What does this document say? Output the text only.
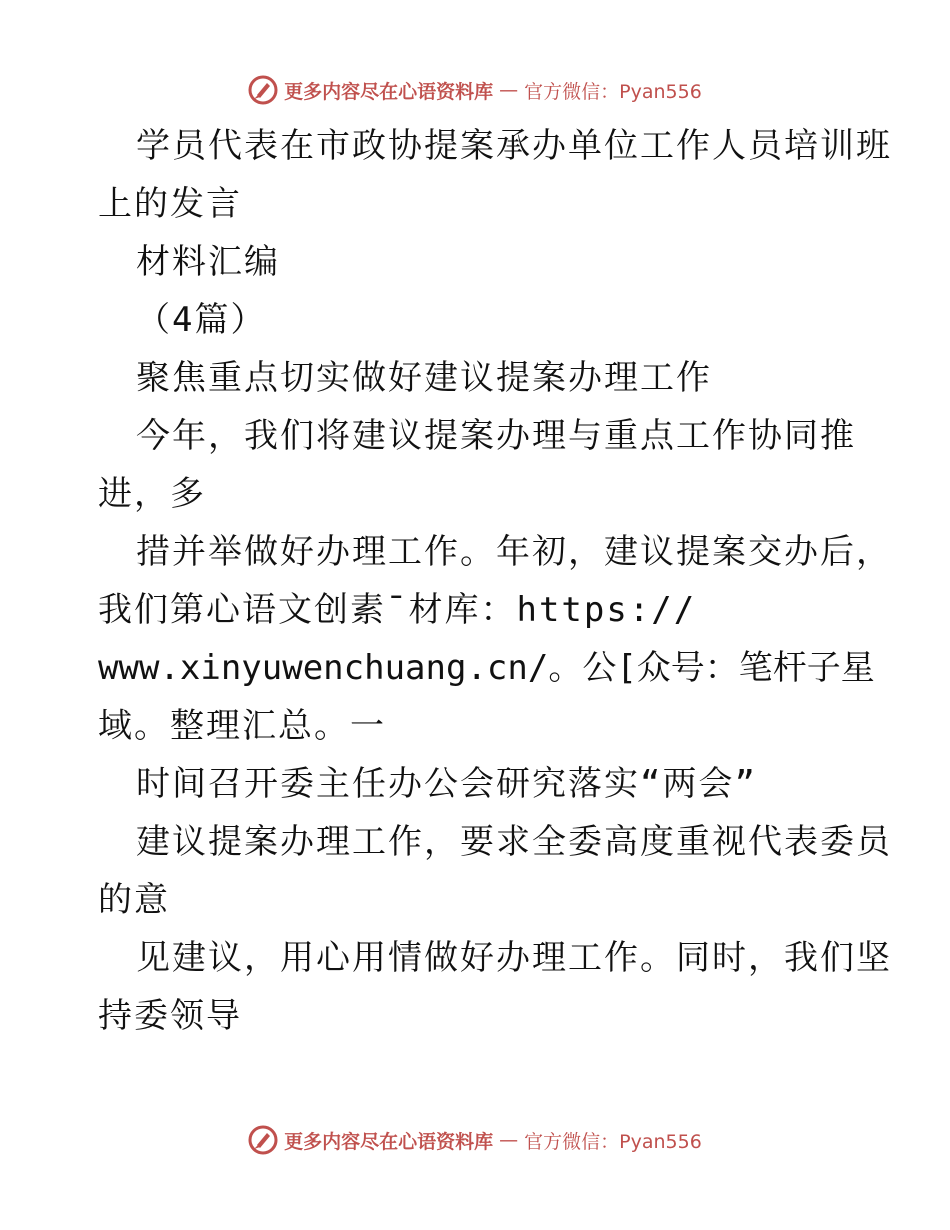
更多内容尽在心语资料库 — 官方微信：Pyan556
学员代表在市政协提案承办单位工作人员培训班
上的发言
材料汇编
（4篇）
聚焦重点切实做好建议提案办理工作
今年，我们将建议提案办理与重点工作协同推
进，多
措并举做好办理工作。年初，建议提案交办后，
我们第心语文创素¯材库：https://
www.xinyuwenchuang.cn/。公[众号：笔杆子星
域。整理汇总。一
时间召开委主任办公会研究落实“两会”
建议提案办理工作，要求全委高度重视代表委员
的意
见建议，用心用情做好办理工作。同时，我们坚
持委领导
更多内容尽在心语资料库 — 官方微信：Pyan556
